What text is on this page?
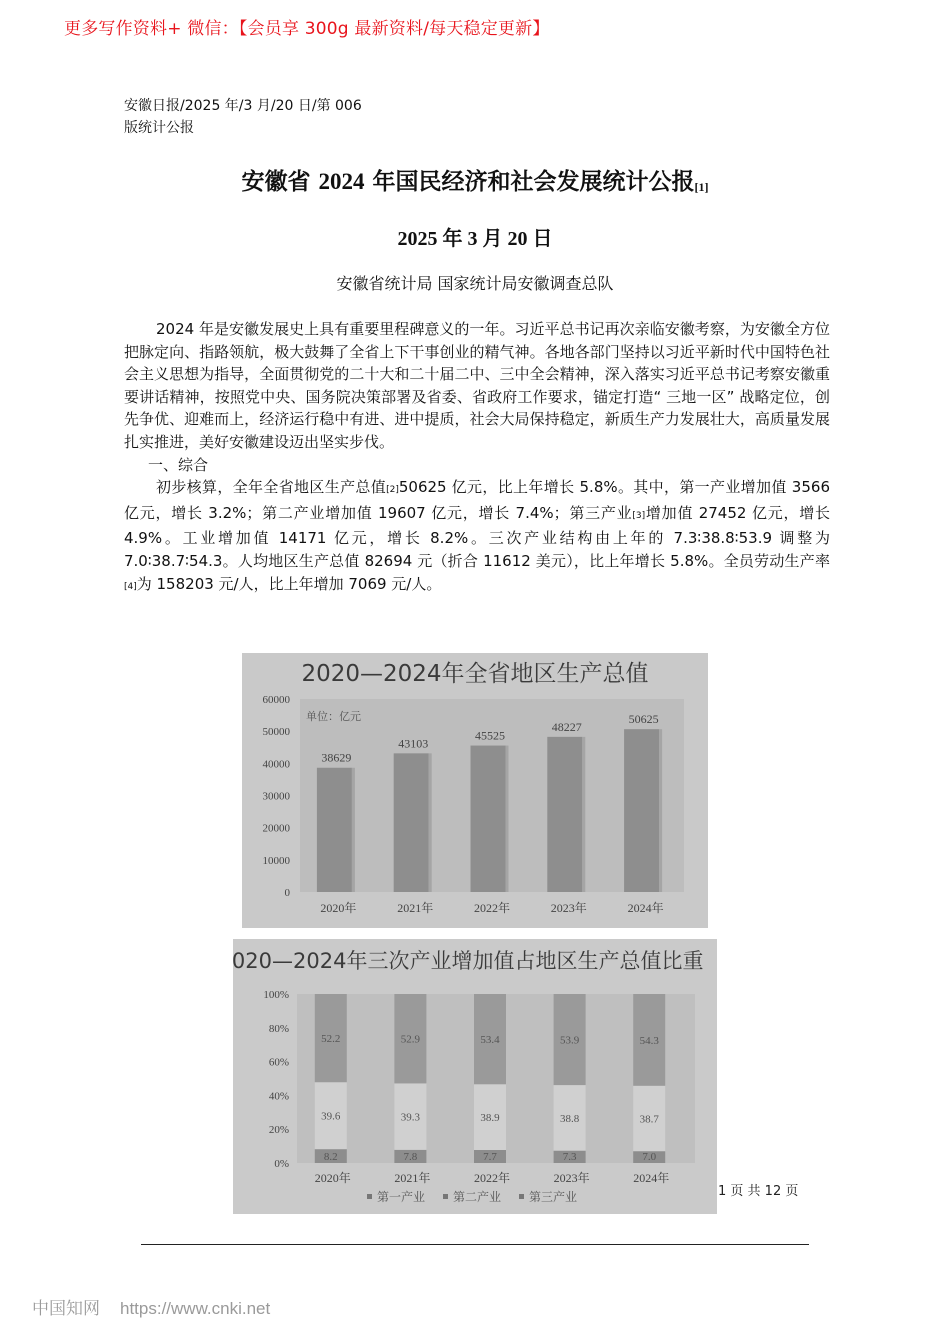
更多写作资料+ 微信：【会员享 300g 最新资料/每天稳定更新】
安徽日报/2025 年/3 月/20 日/第 006
版统计公报
安徽省 2024 年国民经济和社会发展统计公报[1]
2025 年 3 月 20 日
安徽省统计局 国家统计局安徽调查总队

2024 年是安徽发展史上具有重要里程碑意义的一年。习近平总书记再次亲临安徽考察，为安徽全方位把脉定向、指路领航，极大鼓舞了全省上下干事创业的精气神。各地各部门坚持以习近平新时代中国特色社会主义思想为指导，全面贯彻党的二十大和二十届二中、三中全会精神，深入落实习近平总书记考察安徽重要讲话精神，按照党中央、国务院决策部署及省委、省政府工作要求，锚定打造“ 三地一区” 战略定位，创先争优、迎难而上，经济运行稳中有进、进中提质，社会大局保持稳定，新质生产力发展壮大，高质量发展扎实推进，美好安徽建设迈出坚实步伐。

一、综合

初步核算，全年全省地区生产总值[2]50625 亿元，比上年增长 5.8%。其中，第一产业增加值 3566 亿元，增长 3.2%；第二产业增加值 19607 亿元，增长 7.4%；第三产业[3]增加值 27452 亿元，增长 4.9%。工业增加值 14171 亿元，增长 8.2%。三次产业结构由上年的 7.3∶38.8∶53.9 调整为 7.0∶38.7∶54.3。人均地区生产总值 82694 元（折合 11612 美元），比上年增长 5.8%。全员劳动生产率[4]为 158203 元/人，比上年增加 7069 元/人。

2020—2024年全省地区生产总值
单位：亿元
0
10000
20000
30000
40000
50000
60000
38629
43103
45525
48227
50625
2020年	2021年	2022年	2023年	2024年
2020—2024年三次产业增加值占地区生产总值比重
0%
20%
40%
60%
80%
100%
8.2
39.6
52.2
7.8
39.3
52.9
7.7
38.9
53.4
7.3
38.8
53.9
7.0
38.7
54.3
2020年	2021年	2022年	2023年	2024年
第一产业 第二产业 第三产业	1 页 共 12 页
中国知网 https://www.cnki.net
